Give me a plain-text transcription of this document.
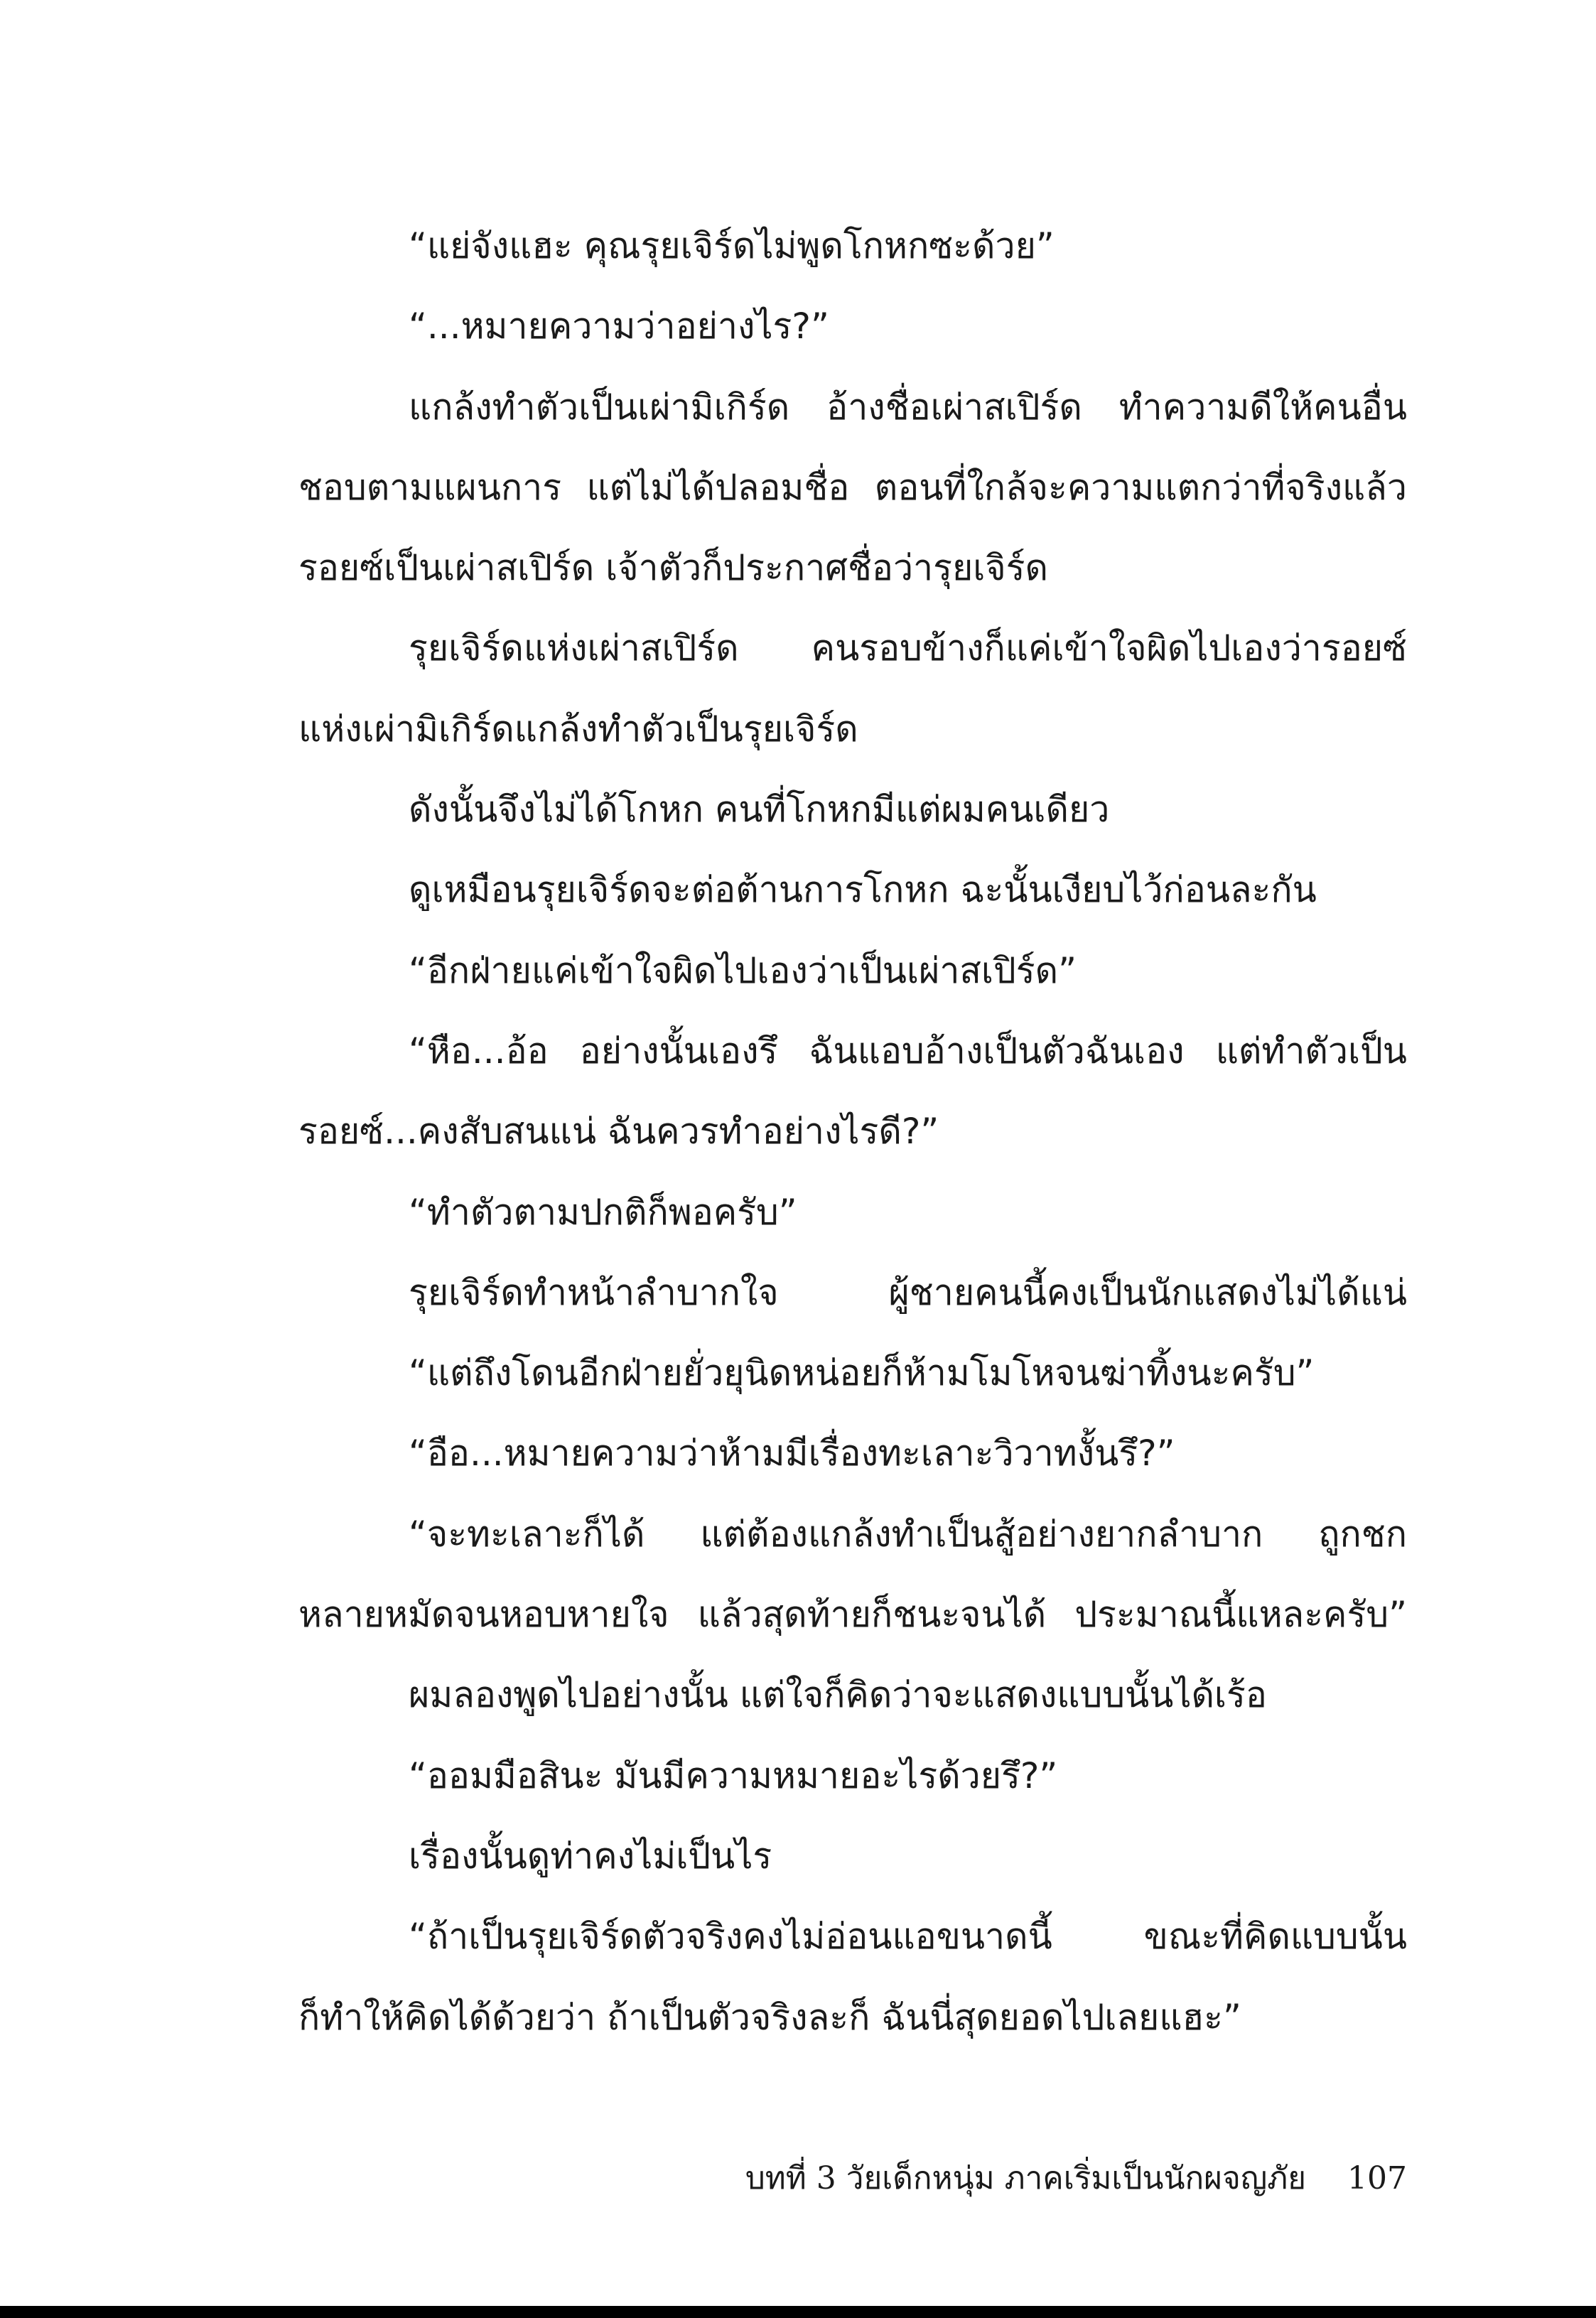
“แย่จังแฮะ คุณรุยเจิร์ดไม่พูดโกหกซะด้วย”
“...หมายความว่าอย่างไร?”
แกล้งทำตัวเป็นเผ่ามิเกิร์ด อ้างชื่อเผ่าสเปิร์ด ทำความดีให้คนอื่น
ชอบตามแผนการ แต่ไม่ได้ปลอมชื่อ ตอนที่ใกล้จะความแตกว่าที่จริงแล้ว
รอยซ์เป็นเผ่าสเปิร์ด เจ้าตัวก็ประกาศชื่อว่ารุยเจิร์ด
รุยเจิร์ดแห่งเผ่าสเปิร์ด คนรอบข้างก็แค่เข้าใจผิดไปเองว่ารอยซ์
แห่งเผ่ามิเกิร์ดแกล้งทำตัวเป็นรุยเจิร์ด
ดังนั้นจึงไม่ได้โกหก คนที่โกหกมีแต่ผมคนเดียว
ดูเหมือนรุยเจิร์ดจะต่อต้านการโกหก ฉะนั้นเงียบไว้ก่อนละกัน
“อีกฝ่ายแค่เข้าใจผิดไปเองว่าเป็นเผ่าสเปิร์ด”
“หือ...อ้อ อย่างนั้นเองรึ ฉันแอบอ้างเป็นตัวฉันเอง แต่ทำตัวเป็น
รอยซ์...คงสับสนแน่ ฉันควรทำอย่างไรดี?”
“ทำตัวตามปกติก็พอครับ”
รุยเจิร์ดทำหน้าลำบากใจ ผู้ชายคนนี้คงเป็นนักแสดงไม่ได้แน่
“แต่ถึงโดนอีกฝ่ายยั่วยุนิดหน่อยก็ห้ามโมโหจนฆ่าทิ้งนะครับ”
“อือ...หมายความว่าห้ามมีเรื่องทะเลาะวิวาทงั้นรึ?”
“จะทะเลาะก็ได้ แต่ต้องแกล้งทำเป็นสู้อย่างยากลำบาก ถูกชก
หลายหมัดจนหอบหายใจ แล้วสุดท้ายก็ชนะจนได้ ประมาณนี้แหละครับ”
ผมลองพูดไปอย่างนั้น แต่ใจก็คิดว่าจะแสดงแบบนั้นได้เร้อ
“ออมมือสินะ มันมีความหมายอะไรด้วยรึ?”
เรื่องนั้นดูท่าคงไม่เป็นไร
“ถ้าเป็นรุยเจิร์ดตัวจริงคงไม่อ่อนแอขนาดนี้ ขณะที่คิดแบบนั้น
ก็ทำให้คิดได้ด้วยว่า ถ้าเป็นตัวจริงละก็ ฉันนี่สุดยอดไปเลยแฮะ”
บทที่ 3 วัยเด็กหนุ่ม ภาคเริ่มเป็นนักผจญภัย 107
